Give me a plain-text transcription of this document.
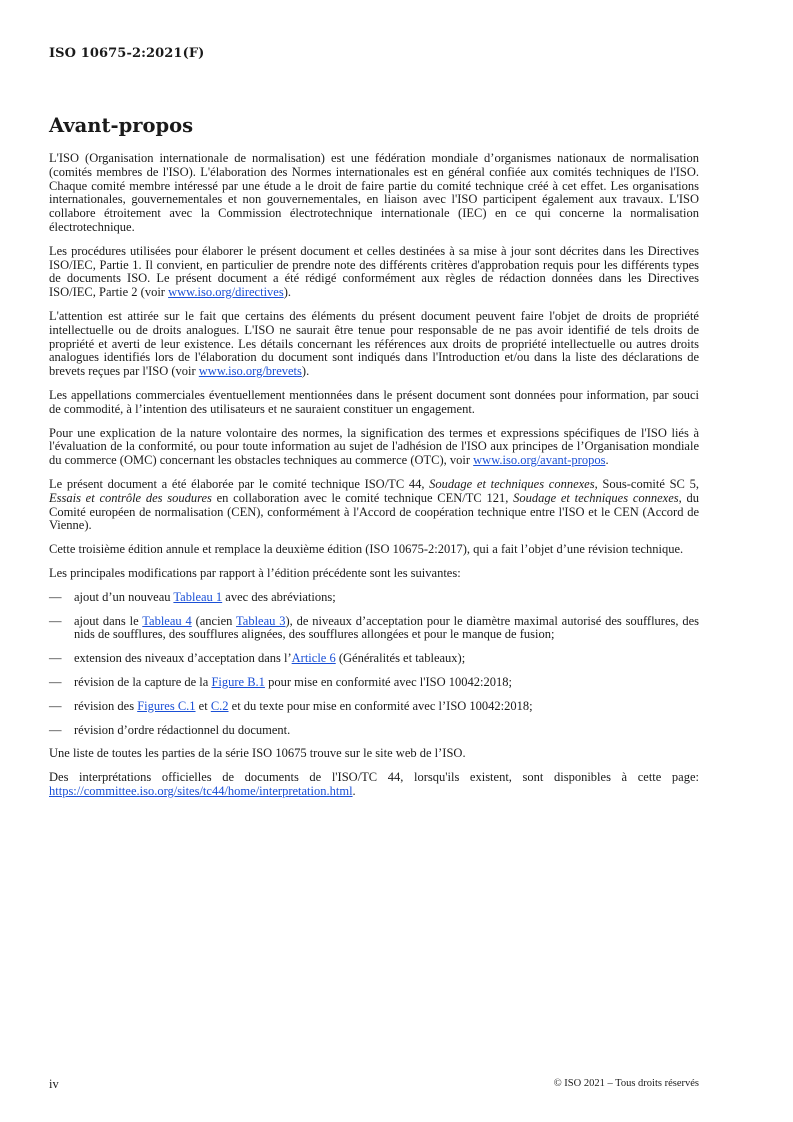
ISO 10675-2:2021(F)
Avant-propos

L'ISO (Organisation internationale de normalisation) est une fédération mondiale d’organismes nationaux de normalisation (comités membres de l'ISO). L'élaboration des Normes internationales est en général confiée aux comités techniques de l'ISO. Chaque comité membre intéressé par une étude a le droit de faire partie du comité technique créé à cet effet. Les organisations internationales, gouvernementales et non gouvernementales, en liaison avec l'ISO participent également aux travaux. L'ISO collabore étroitement avec la Commission électrotechnique internationale (IEC) en ce qui concerne la normalisation électrotechnique.

Les procédures utilisées pour élaborer le présent document et celles destinées à sa mise à jour sont décrites dans les Directives ISO/IEC, Partie 1. Il convient, en particulier de prendre note des différents critères d'approbation requis pour les différents types de documents ISO. Le présent document a été rédigé conformément aux règles de rédaction données dans les Directives ISO/IEC, Partie 2 (voir www.iso.org/directives).

L'attention est attirée sur le fait que certains des éléments du présent document peuvent faire l'objet de droits de propriété intellectuelle ou de droits analogues. L'ISO ne saurait être tenue pour responsable de ne pas avoir identifié de tels droits de propriété et averti de leur existence. Les détails concernant les références aux droits de propriété intellectuelle ou autres droits analogues identifiés lors de l'élaboration du document sont indiqués dans l'Introduction et/ou dans la liste des déclarations de brevets reçues par l'ISO (voir www.iso.org/brevets).

Les appellations commerciales éventuellement mentionnées dans le présent document sont données pour information, par souci de commodité, à l’intention des utilisateurs et ne sauraient constituer un engagement.

Pour une explication de la nature volontaire des normes, la signification des termes et expressions spécifiques de l'ISO liés à l'évaluation de la conformité, ou pour toute information au sujet de l'adhésion de l'ISO aux principes de l’Organisation mondiale du commerce (OMC) concernant les obstacles techniques au commerce (OTC), voir www.iso.org/avant-propos.

Le présent document a été élaborée par le comité technique ISO/TC 44, Soudage et techniques connexes, Sous-comité SC 5, Essais et contrôle des soudures en collaboration avec le comité technique CEN/TC 121, Soudage et techniques connexes, du Comité européen de normalisation (CEN), conformément à l'Accord de coopération technique entre l'ISO et le CEN (Accord de Vienne).

Cette troisième édition annule et remplace la deuxième édition (ISO 10675-2:2017), qui a fait l’objet d’une révision technique.

Les principales modifications par rapport à l’édition précédente sont les suivantes:

— ajout d’un nouveau Tableau 1 avec des abréviations;
— ajout dans le Tableau 4 (ancien Tableau 3), de niveaux d’acceptation pour le diamètre maximal autorisé des soufflures, des nids de soufflures, des soufflures alignées, des soufflures allongées et pour le manque de fusion;
— extension des niveaux d’acceptation dans l’Article 6 (Généralités et tableaux);
— révision de la capture de la Figure B.1 pour mise en conformité avec l'ISO 10042:2018;
— révision des Figures C.1 et C.2 et du texte pour mise en conformité avec l’ISO 10042:2018;
— révision d’ordre rédactionnel du document.

Une liste de toutes les parties de la série ISO 10675 trouve sur le site web de l’ISO.

Des interprétations officielles de documents de l'ISO/TC 44, lorsqu'ils existent, sont disponibles à cette page: https://committee.iso.org/sites/tc44/home/interpretation.html.

iv	© ISO 2021 – Tous droits réservés
